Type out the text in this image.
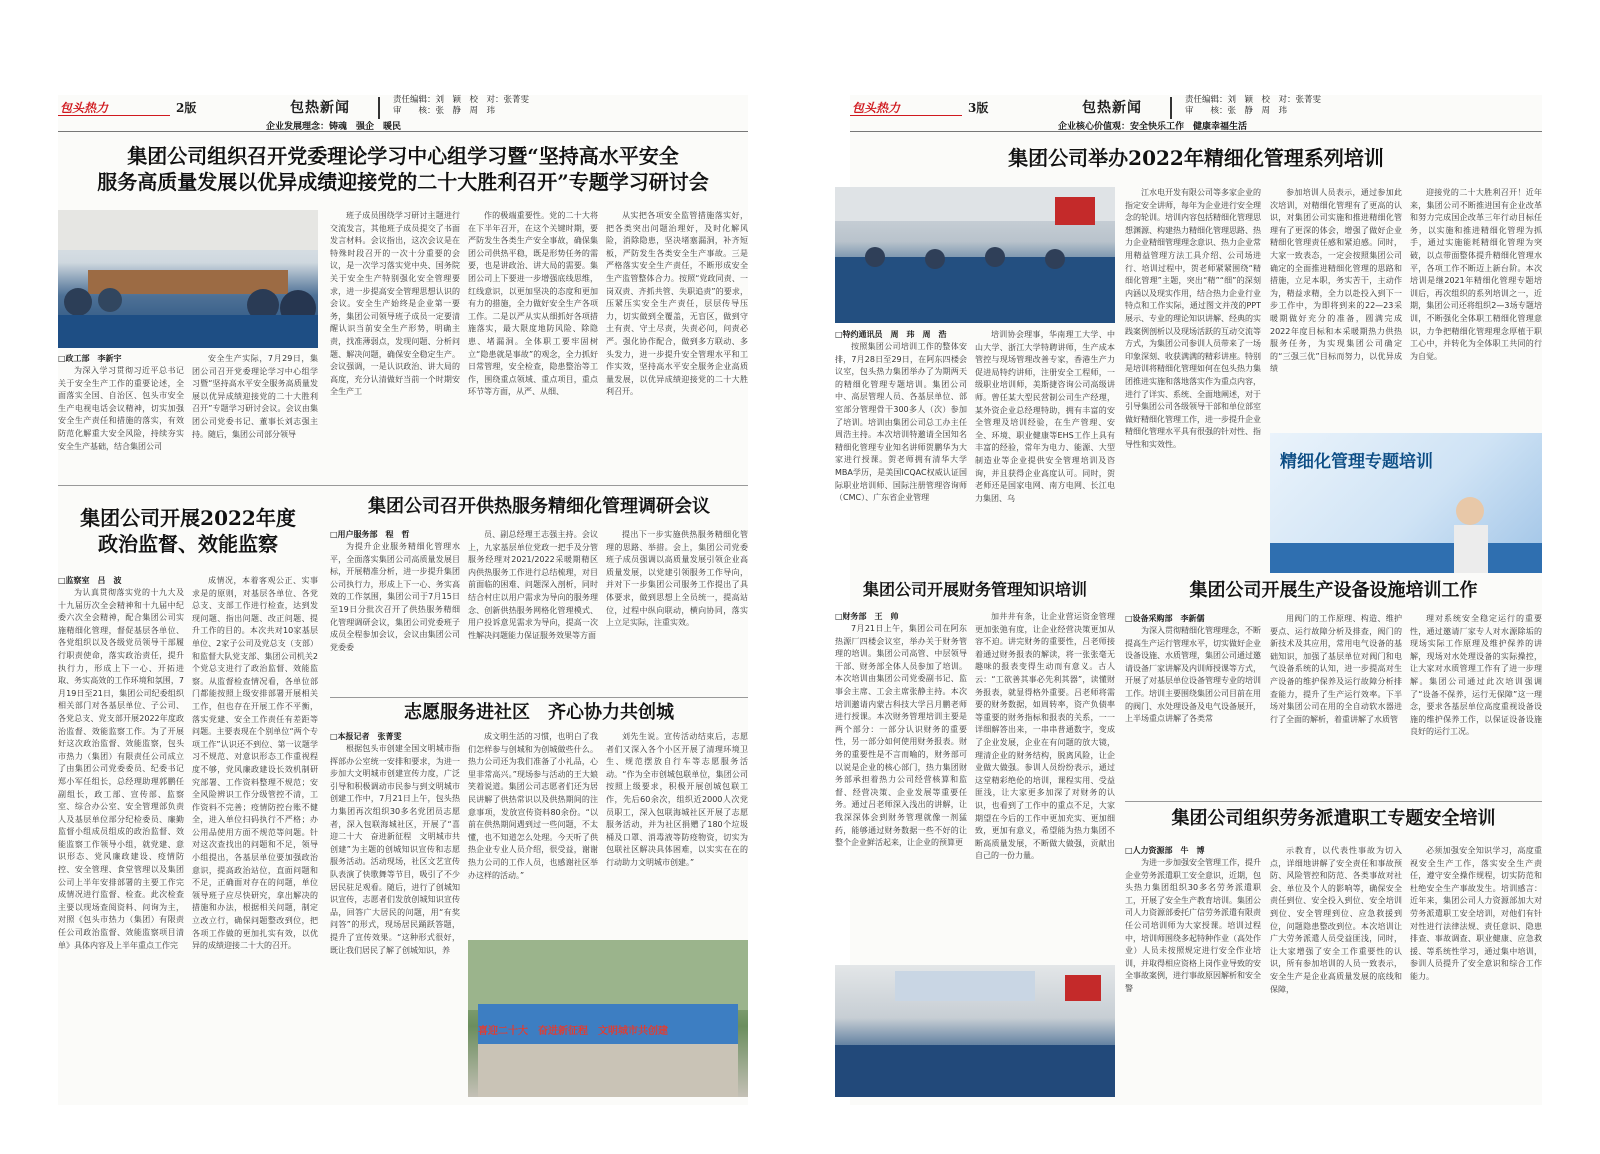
包头热力	2版	包热新闻	责任编辑：刘　颖　校　对：张菁雯
审　　核：张　静　周　玮
企业发展理念：铸魂　强企　暖民
集团公司组织召开党委理论学习中心组学习暨“坚持高水平安全
服务高质量发展以优异成绩迎接党的二十大胜利召开”专题学习研讨会
□政工部　李新宇
为深入学习贯彻习近平总书记关于安全生产工作的重要论述，全面落实全国、自治区、包头市安全生产电视电话会议精神，切实加强安全生产责任和措施的落实，有效防范化解重大安全风险，持续夯实安全生产基础，结合集团公司
安全生产实际，7月29日，集团公司召开党委理论学习中心组学习暨“坚持高水平安全服务高质量发展以优异成绩迎接党的二十大胜利召开”专题学习研讨会议。会议由集团公司党委书记、董事长刘志强主持。随后，集团公司部分领导
班子成员围绕学习研讨主题进行交流发言，其他班子成员提交了书面发言材料。会议指出，这次会议是在特殊时段召开的一次十分重要的会议，是一次学习落实党中央、国务院关于安全生产特别强化安全管理要求，进一步提高安全管理思想认识的会议。安全生产始终是企业第一要务，集团公司领导班子成员一定要清醒认识当前安全生产形势，明确主责，找准薄弱点，发现问题、分析问题、解决问题，确保安全稳定生产。会议强调，一是认识政治、讲大局的高度，充分认清做好当前一个时期安全生产工
作的极端重要性。党的二十大将在下半年召开，在这个关键时期，要严防发生各类生产安全事故，确保集团公司供热平稳，既是形势任务的需要，也是讲政治、讲大局的需要。集团公司上下要进一步增强底线思维，红线意识，以更加坚决的态度和更加有力的措施，全力做好安全生产各项工作。二是以严从实从细抓好各项措施落实，最大限度地防风险、除隐患、堵漏洞。全体职工要牢固树立“隐患就是事故”的观念，全力抓好日常管理，安全检查，隐患整治等工作，围绕重点领域、重点项目，重点环节等方面，从严、从细、
从实把各项安全监管措施落实好，把各类突出问题治理好，及时化解风险，消除隐患，坚决堵塞漏洞，补齐短板，严防发生各类安全生产事故。三是严格落实安全生产责任，不断形成安全生产监管整体合力。按照“党政同责、一岗双责、齐抓共管、失职追责”的要求，压紧压实安全生产责任，层层传导压力，切实做到全覆盖，无盲区，做到守土有责、守土尽责，失责必问，问责必严。强化协作配合，做到多方联动、多头发力，进一步提升安全管理水平和工作实效，坚持高水平安全服务企业高质量发展，以优异成绩迎接党的二十大胜利召开。
集团公司开展2022年度
政治监督、效能监察
□监察室　吕　波
为认真贯彻落实党的十九大及十九届历次全会精神和十九届中纪委六次全会精神，配合集团公司实施精细化管理，督促基层各单位、各党组织以及各级党员领导干部履行职责使命，落实政治责任，提升执行力，形成上下一心、开拓进取、务实高效的工作环境和氛围，7月19日至21日，集团公司纪委组织相关部门对各基层单位、子公司、各党总支、党支部开展2022年度政治监督、效能监察工作。为了开展好这次政治监督、效能监察，包头市热力（集团）有限责任公司成立了由集团公司党委委员、纪委书记郑小军任组长，总经理助理郭鹏任副组长，政工部、宣传部、监察室、综合办公室、安全管理部负责人及基层单位部分纪检委员、廉勤监督小组成员组成的政治监督、效能监察工作领导小组，就党建、意识形态、党风廉政建设、疫情防控、安全管理、食堂管理以及集团公司上半年安排部署的主要工作完成情况进行监督、检查。此次检查主要以现场查阅资料、问询为主，对照《包头市热力（集团）有限责任公司政治监督、效能监察项目清单》具体内容及上半年重点工作完
成情况，本着客观公正、实事求是的原则，对基层各单位、各党总支、支部工作进行检查，达到发现问题、指出问题、改正问题、提升工作的目的。本次共对10家基层单位、2家子公司及党总支（支部）和监督大队党支部、集团公司机关2个党总支进行了政治监督、效能监察。从监督检查情况看，各单位部门都能按照上级安排部署开展相关工作，但也存在开展工作不平衡，落实党建、安全工作责任有差距等问题。主要表现在个别单位“两个专项工作”认识还不到位、第一议题学习不规范、对意识形态工作重视程度不够，党风廉政建设长效机制研究部署、工作资料整理不规范；安全风险辨识工作分级管控不清，工作资料不完善；疫情防控台账不健全，进入单位扫码执行不严格；办公用品使用方面不规范等问题。针对这次查找出的问题和不足，领导小组提出，各基层单位要加强政治意识，提高政治站位，直面问题和不足，正确面对存在的问题，单位领导班子应尽快研究，拿出解决的措施和办法，根据相关问题，制定立改立行，确保问题整改到位，把各项工作做的更加扎实有效，以优异的成绩迎接二十大的召开。
集团公司召开供热服务精细化管理调研会议
□用户服务部　程　哲
为提升企业服务精细化管理水平，全面落实集团公司高质量发展目标，开展精准分析，进一步提升集团公司执行力，形成上下一心、务实高效的工作氛围，集团公司于7月15日至19日分批次召开了供热服务精细化管理调研会议，集团公司党委班子成员全程参加会议，会议由集团公司党委委
员、副总经理王志强主持。会议上，九家基层单位党政一把手及分管服务经理对2021/2022采暖期精区内供热服务工作进行总结梳理，对目前面临的困难、问题深入剖析，同时结合村庄以用户需求为导向的服务理念、创新供热服务网格化管理模式、用户投诉意见需求为导向，提高一次性解决问题能力保证服务效果等方面
提出下一步实施供热服务精细化管理的思路、举措。会上，集团公司党委班子成员强调以高质量发展引领企业高质量发展，以党建引领服务工作导向，并对下一步集团公司服务工作提出了具体要求，做到思想上全员统一，提高站位，过程中纵向联动，横向协同，落实上立足实际，注重实效。
志愿服务进社区　齐心协力共创城
□本报记者　张菁雯
根据包头市创建全国文明城市指挥部办公室统一安排和要求，为进一步加大文明城市创建宣传力度，广泛引导和积极调动市民参与到文明城市创建工作中，7月21日上午，包头热力集团再次组织30多名党团员志愿者，深入包联海城社区，开展了“喜迎二十大　奋进新征程　文明城市共创建”为主题的创城知识宣传和志愿服务活动。活动现场，社区文艺宣传队表演了快歌舞等节目，吸引了不少居民驻足观看。随后，进行了创城知识宣传，志愿者们发放创城知识宣传品，回答广大居民的问题，用“有奖问答”的形式，现场居民踊跃答题，提升了宣传效果。“这种形式很好，既让我们居民了解了创城知识，养
成文明生活的习惯，也明白了我们怎样参与创城和为创城做些什么。热力公司还为我们准备了小礼品，心里非常高兴。”现场参与活动的王大娘笑着说道。集团公司志愿者们还为居民讲解了供热常识以及供热期间的注意事项，发放宣传资料80余份。“以前在供热期间遇到过一些问题，不太懂，也不知道怎么处理。今天听了供热企业专业人员介绍，很受益，谢谢热力公司的工作人员，也感谢社区举办这样的活动。”
刘先生说。宣传活动结束后，志愿者们又深入各个小区开展了清理环境卫生、规范摆放自行车等志愿服务活动。“作为全市创城包联单位，集团公司按照上级要求，积极开展创城包联工作，先后60余次，组织近2000人次党员职工，深入包联海城社区开展了志愿服务活动，并为社区捐赠了180个垃圾桶及口罩、消毒液等防疫物资，切实为包联社区解决具体困难，以实实在在的行动助力文明城市创建。”
喜迎二十大　奋进新征程　文明城市共创建
包头热力	3版	包热新闻	责任编辑：刘　颖　校　对：张菁雯
审　　核：张　静　周　玮
企业核心价值观：安全快乐工作　健康幸福生活
集团公司举办2022年精细化管理系列培训
□特约通讯员　周　玮　周　浩
按照集团公司培训工作的整体安排，7月28日至29日，在阿东四楼会议室，包头热力集团举办了为期两天的精细化管理专题培训。集团公司中、高层管理人员、各基层单位、部室部分管理骨干300多人（次）参加了培训。培训由集团公司总工办主任周浩主持。本次培训特邀请全国知名精细化管理专业知名讲师贺鹏华为大家进行授课。贺老师拥有清华大学MBA学历，是美国ICQAC权威认证国际职业培训师、国际注册管理咨询师（CMC）、广东省企业管理
培训协会理事，华南理工大学、中山大学、浙江大学特聘讲师，生产成本管控与现场管理改善专家，香港生产力促进局特约讲师，注册安全工程师，一级职业培训师，美斯捷咨询公司高级讲师。曾任某大型民营制公司生产经理，某外资企业总经理特助，拥有丰富的安全管理及培训经验，在生产管理、安全、环境、职业健康等EHS工作上具有丰富的经验，常年为电力、能源、大型制造业等企业提供安全管理培训及咨询，并且获得企业高度认可。同时，贺老师还是国家电网、南方电网、长江电力集团、乌
江水电开发有限公司等多家企业的指定安全讲师，每年为企业进行安全理念的轮训。培训内容包括精细化管理思想渊源、构建热力精细化管理思路、热力企业精细管理理念意识、热力企业常用精益管理方法工具介绍、公司场进行、培训过程中，贺老师紧紧围绕“精细化管理”主题，突出“精”“细”的深刻内涵以及现实作用，结合热力企业行业特点和工作实际，通过图文并茂的PPT展示、专业的理论知识讲解、经典的实践案例剖析以及现场活跃的互动交流等方式，为集团公司参训人员带来了一场印象深刻、收获满满的精彩讲座。特别是培训将精细化管理如何在包头热力集团推进实施和落地落实作为重点内容，进行了详实、系统、全面地阐述，对于引导集团公司各级领导干部和单位部室做好精细化管理工作，进一步提升企业精细化管理水平具有很强的针对性、指导性和实效性。
参加培训人员表示，通过参加此次培训，对精细化管理有了更高的认识，对集团公司实施和推进精细化管理有了更深的体会，增强了做好企业精细化管理责任感和紧迫感。同时，大家一致表态，一定会按照集团公司确定的全面推进精细化管理的思路和措施，立足本职，务实苦干，主动作为，精益求精，全力以赴投入到下一步工作中，为即将到来的22—23采暖期做好充分的准备，圆满完成2022年度目标和本采暖期热力供热服务任务，为实现集团公司确定的“三强三优”目标而努力，以优异成绩
迎接党的二十大胜利召开！近年来，集团公司不断推进国有企业改革和努力完成国企改革三年行动目标任务，以实施和推进精细化管理为抓手，通过实施能耗精细化管理为突破，以点带面整体提升精细化管理水平，各项工作不断迈上新台阶。本次培训是继2021年精细化管理专题培训后，再次组织的系列培训之一，近期，集团公司还将组织2—3场专题培训，不断强化全体职工精细化管理意识，力争把精细化管理理念厚植于职工心中，并转化为全体职工共同的行为自觉。
精细化管理专题培训
集团公司开展财务管理知识培训
□财务部　王　帅
7月21日上午，集团公司在阿东热源厂四楼会议室，举办关于财务管理的培训。集团公司高管、中层领导干部、财务部全体人员参加了培训。本次培训由集团公司党委副书记、监事会主席、工会主席张静主持。本次培训邀请内蒙古科技大学吕月鹏老师进行授课。本次财务管理培训主要是两个部分：一部分认识财务的重要性，另一部分如何使用财务报表。财务的重要性是不言而喻的，财务部可以说是企业的核心部门，热力集团财务部承担着热力公司经营核算和监督、经营决策、企业发展等重要任务。通过吕老师深入浅出的讲解，让我深深体会到财务管理就像一剂猛药，能够通过财务数据一些不好的让整个企业鲜活起来，让企业的预算更
加井井有条，让企业营运资金管理更加张弛有度，让企业经营决策更加从容不迫。讲完财务的重要性，吕老师接着通过财务报表的解读，将一张张毫无趣味的报表变得生动而有意义。古人云：“工欲善其事必先利其器”，读懂财务报表，就显得格外重要。吕老师将需要的财务数据，如周转率，资产负债率等重要的财务指标和报表的关系，一一详细解答出来，一串串普通数字，变成了企业发展，企业在有问题的放大镜，理清企业的财务结构，脱离风险，让企业做大做强。参训人员纷纷表示，通过这堂精彩绝伦的培训，课程实用、受益匪浅，让大家更多加深了对财务的认识，也看到了工作中的重点不足，大家期望在今后的工作中更加充实、更加细致，更加有意义，希望能为热力集团不断高质量发展，不断做大做强，贡献出自己的一份力量。
集团公司开展生产设备设施培训工作
□设备采购部　李新儒
为深入贯彻精细化管理理念，不断提高生产运行管理水平，切实做好企业设备设施、水质管理，集团公司通过邀请设备厂家讲解及内训师授课等方式，开展了对基层单位设备管理专业的培训工作。培训主要围绕集团公司目前在用的阀门、水处理设备及电气设备展开，上半场重点讲解了各类常
用阀门的工作原理、构造、维护要点、运行故障分析及排查，阀门的新技术及其应用，常用电气设备的基础知识，加强了基层单位对阀门和电气设备系统的认知，进一步提高对生产设备的维护保养及运行故障分析排查能力，提升了生产运行效率。下半场对集团公司在用的全自动软水器进行了全面的解析，着重讲解了水质管
理对系统安全稳定运行的重要性，通过邀请厂家专人对水源除垢的现场实际工作原理及维护保养的讲解，现场对水处理设备的实际操控，让大家对水质管理工作有了进一步理解。集团公司通过此次培训强调了“设备不保养，运行无保障”这一理念，要求各基层单位高度重视设备设施的维护保养工作，以保证设备设施良好的运行工况。
集团公司组织劳务派遣职工专题安全培训
□人力资源部　牛　博
为进一步加强安全管理工作，提升企业劳务派遣职工安全意识，近期，包头热力集团组织30多名劳务派遣职工，开展了安全生产教育培训。集团公司人力资源部委托广信劳务派遣有限责任公司培训师为大家授课。培训过程中，培训师围绕多起特种作业（高处作业）人员未按照规定进行安全作业培训，并取得相应资格上岗作业导致的安全事故案例，进行事故原因解析和安全警
示教育，以代表性事故为切入点，详细地讲解了安全责任和事故预防、风险管控和防范、各类事故对社会、单位及个人的影响等，确保安全责任到位、安全投入到位、安全培训到位、安全管理到位、应急救援到位，问题隐患整改到位。本次培训让广大劳务派遣人员受益匪浅，同时，让大家增强了安全工作重要性的认识，所有参加培训的人员一致表示，安全生产是企业高质量发展的底线和保障，
必须加强安全知识学习，高度重视安全生产工作，落实安全生产责任，遵守安全操作规程，切实防范和杜绝安全生产事故发生。培训感言：近年来，集团公司人力资源部加大对劳务派遣职工安全培训，对他们有针对性进行法律法规、责任意识、隐患排查、事故调查、职业健康、应急救援、等系统性学习，通过集中培训，参训人员提升了安全意识和综合工作能力。
